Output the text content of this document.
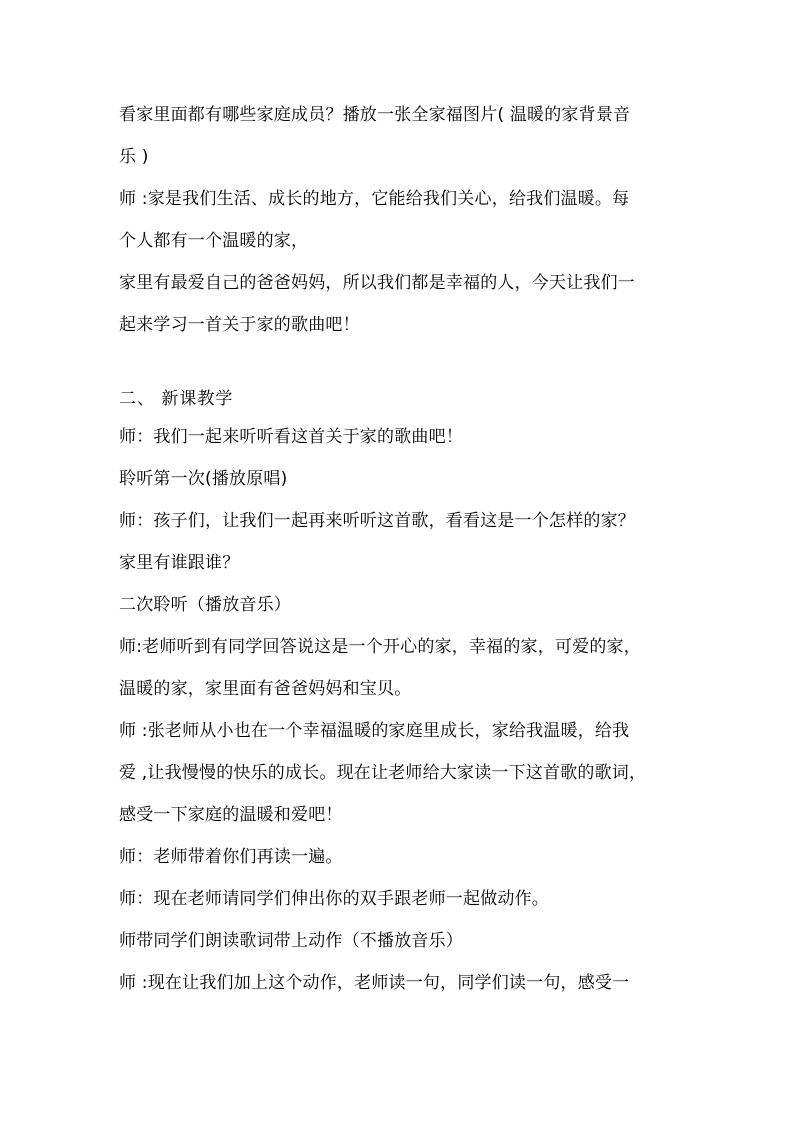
看家里面都有哪些家庭成员？播放一张全家福图片( 温暖的家背景音
乐 )
师 :家是我们生活、成长的地方，它能给我们关心，给我们温暖。每
个人都有一个温暖的家，
家里有最爱自己的爸爸妈妈，所以我们都是幸福的人，今天让我们一
起来学习一首关于家的歌曲吧！
二、 新课教学
师：我们一起来听听看这首关于家的歌曲吧！
聆听第一次(播放原唱)
师：孩子们，让我们一起再来听听这首歌，看看这是一个怎样的家？
家里有谁跟谁？
二次聆听（播放音乐）
师:老师听到有同学回答说这是一个开心的家，幸福的家，可爱的家，
温暖的家，家里面有爸爸妈妈和宝贝。
师 :张老师从小也在一个幸福温暖的家庭里成长，家给我温暖，给我
爱 ,让我慢慢的快乐的成长。现在让老师给大家读一下这首歌的歌词，
感受一下家庭的温暖和爱吧！
师：老师带着你们再读一遍。
师：现在老师请同学们伸出你的双手跟老师一起做动作。
师带同学们朗读歌词带上动作（不播放音乐）
师 :现在让我们加上这个动作，老师读一句，同学们读一句，感受一
